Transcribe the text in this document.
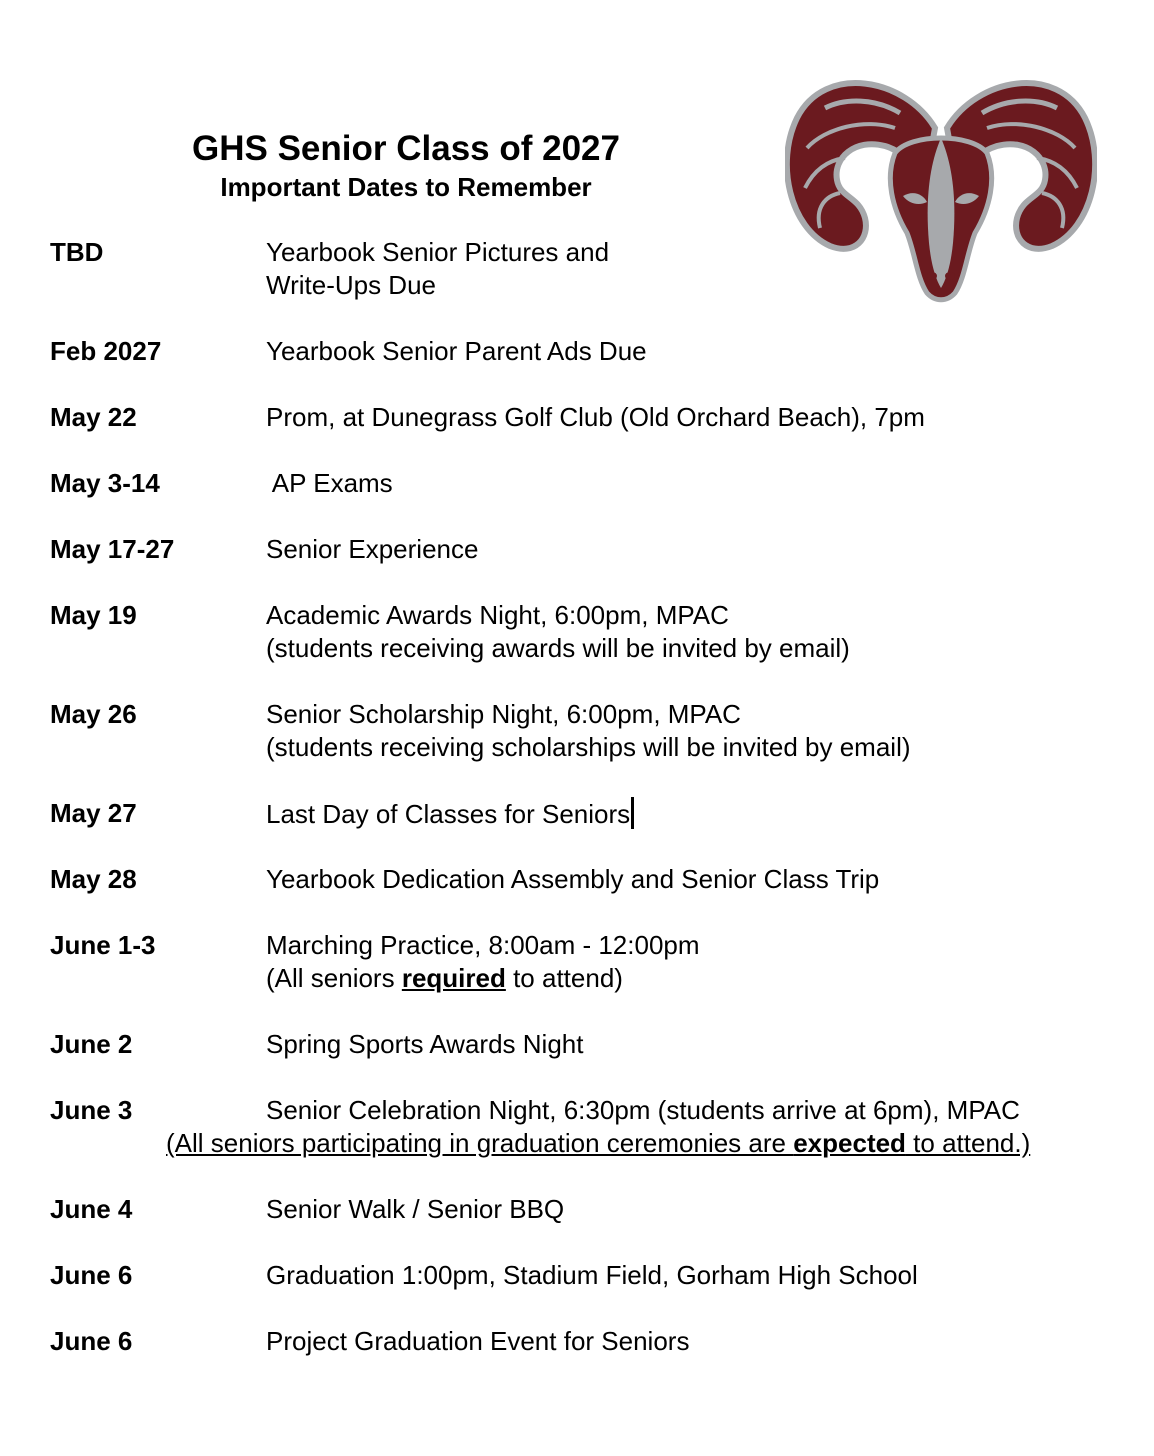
GHS Senior Class of 2027
Important Dates to Remember
TBD	Yearbook Senior Pictures and
Write-Ups Due
Feb 2027	Yearbook Senior Parent Ads Due
May 22	Prom, at Dunegrass Golf Club (Old Orchard Beach), 7pm
May 3-14	AP Exams
May 17-27	Senior Experience
May 19	Academic Awards Night, 6:00pm, MPAC
(students receiving awards will be invited by email)
May 26	Senior Scholarship Night, 6:00pm, MPAC
(students receiving scholarships will be invited by email)
May 27	Last Day of Classes for Seniors
May 28	Yearbook Dedication Assembly and Senior Class Trip
June 1-3	Marching Practice, 8:00am - 12:00pm
(All seniors required to attend)
June 2	Spring Sports Awards Night
June 3	Senior Celebration Night, 6:30pm (students arrive at 6pm), MPAC
(All seniors participating in graduation ceremonies are expected to attend.)
June 4	Senior Walk / Senior BBQ
June 6	Graduation 1:00pm, Stadium Field, Gorham High School
June 6	Project Graduation Event for Seniors
